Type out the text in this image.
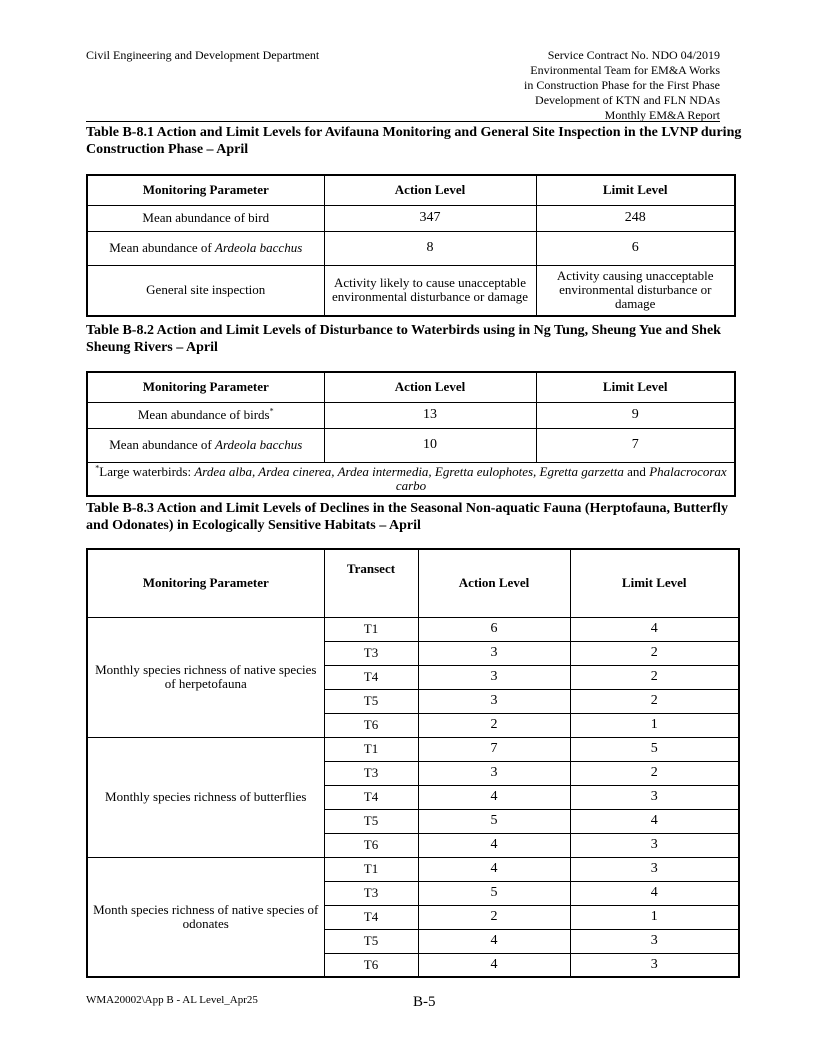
Civil Engineering and Development Department	Service Contract No. NDO 04/2019
Environmental Team for EM&A Works
in Construction Phase for the First Phase
Development of KTN and FLN NDAs
Monthly EM&A Report
Table B-8.1 Action and Limit Levels for Avifauna Monitoring and General Site Inspection in the LVNP during Construction Phase – April
Monitoring Parameter	Action Level	Limit Level
Mean abundance of bird	347	248
Mean abundance of Ardeola bacchus	8	6
General site inspection	Activity likely to cause unacceptable environmental disturbance or damage	Activity causing unacceptable environmental disturbance or damage
Table B-8.2 Action and Limit Levels of Disturbance to Waterbirds using in Ng Tung, Sheung Yue and Shek Sheung Rivers – April
Monitoring Parameter	Action Level	Limit Level
Mean abundance of birds*	13	9
Mean abundance of Ardeola bacchus	10	7
*Large waterbirds: Ardea alba, Ardea cinerea, Ardea intermedia, Egretta eulophotes, Egretta garzetta and Phalacrocorax carbo		
Table B-8.3 Action and Limit Levels of Declines in the Seasonal Non-aquatic Fauna (Herptofauna, Butterfly and Odonates) in Ecologically Sensitive Habitats – April
Monitoring Parameter	Transect	Action Level	Limit Level
Monthly species richness of native species of herpetofauna	T1	6	4
	T3	3	2
	T4	3	2
	T5	3	2
	T6	2	1
Monthly species richness of butterflies	T1	7	5
	T3	3	2
	T4	4	3
	T5	5	4
	T6	4	3
Month species richness of native species of odonates	T1	4	3
	T3	5	4
	T4	2	1
	T5	4	3
	T6	4	3
WMA20002\App B - AL Level_Apr25	B-5
